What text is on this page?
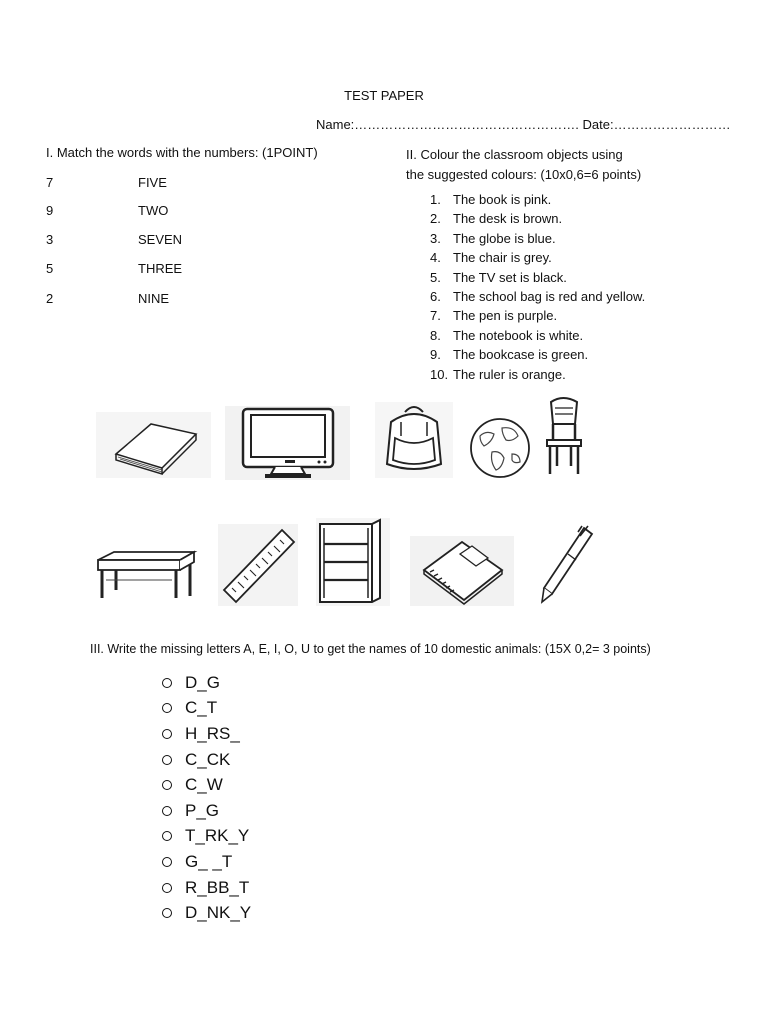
TEST PAPER
Name:……………………………………………. Date:………………………
I. Match the words with the numbers: (1POINT)
7	FIVE
9	TWO
3	SEVEN
5	THREE
2	NINE
II. Colour the classroom objects using
the suggested colours: (10x0,6=6 points)
1. The book is pink.
2. The desk is brown.
3. The globe is blue.
4. The chair is grey.
5. The TV set is black.
6. The school bag is red and yellow.
7. The pen is purple.
8. The notebook is white.
9. The bookcase is green.
10. The ruler is orange.
III. Write the missing letters A, E, I, O, U to get the names of 10 domestic animals: (15X 0,2= 3 points)
D_G
C_T
H_RS_
C_CK
C_W
P_G
T_RK_Y
G_ _T
R_BB_T
D_NK_Y
